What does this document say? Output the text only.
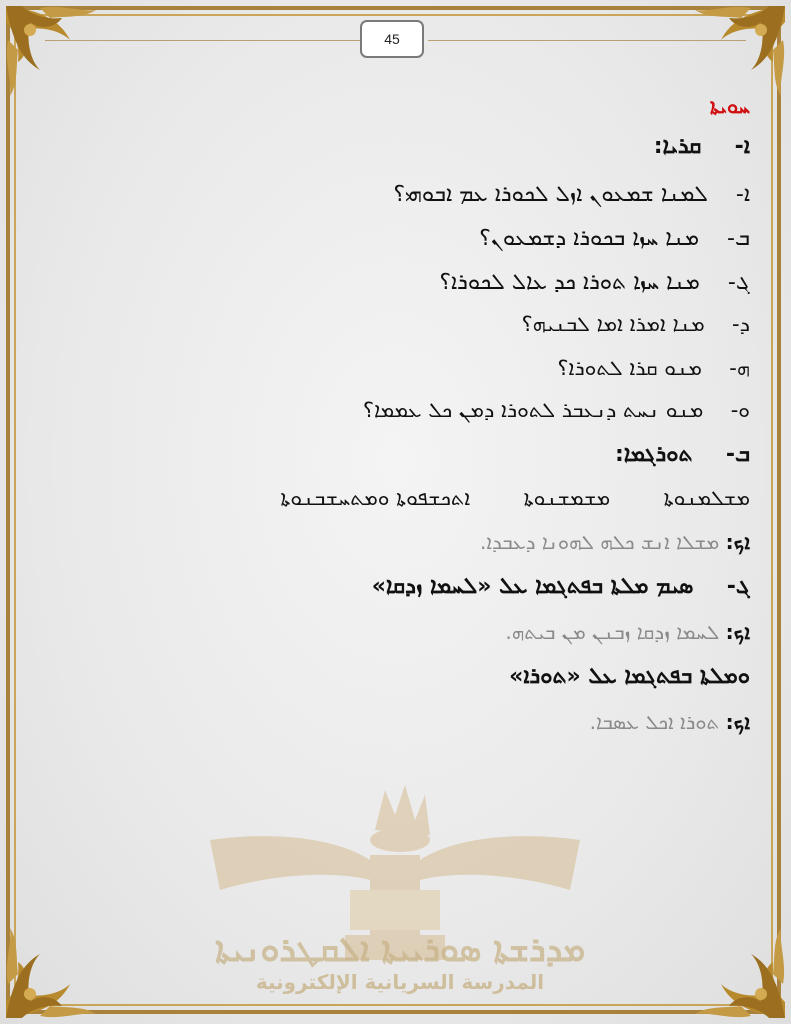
45
ܡܕܪܫܬܐ ܣܘܪܝܝܬܐ ܐܠܩܛܪܘܢܝܬܐ
المدرسة السريانية الإلكترونية
ܚܘܝܬܐ
ܐ-  ܩܪܝܐ:
ܐ-  ܠܡܢܐ ܫܡܥܘܢ ܐܙܠ ܠܟܘܪܐ ܥܡ ܐܒܘܗܝ؟
ܒ-  ܡܢܐ ܚܙܐ ܒܟܘܪܐ ܕܫܡܥܘܢ؟
ܓ-  ܡܢܐ ܚܙܐ ܬܘܪܐ ܟܕ ܥܐܠ ܠܟܘܪܐ؟
ܕ-  ܡܢܐ ܐܡܪܐ ܐܡܐ ܠܒܢܝܗ؟
ܗ-  ܡܢܘ ܩܪܐ ܠܬܘܪܐ؟
ܘ-  ܡܢܘ ܢܚܬ ܕܢܥܒܪ ܠܬܘܪܐ ܕܡܢ ܟܠ ܥܡܡܐ؟
ܒ-  ܬܘܪܓܡܐ:
ܡܫܠܡܢܘܬܐ  ܡܫܡܫܢܘܬܐ  ܐܬܟܫܦܘܬܐ ܘܡܬܚܫܒܢܘܬܐ
ܐܟ: ܡܫܠܐ ܐܢܫ ܟܠܗ ܠܗܘܢܐ ܕܥܒܕܐ.
ܓ-  ܣܝܡ ܡܠܬܐ ܒܦܬܓܡܐ ܥܠ «ܠܚܡܐ ܙܕܩܐ»
ܐܟ: ܠܚܡܐ ܙܕܩܐ ܙܒܢܢ ܡܢ ܒܝܬܗ.
ܘܡܠܬܐ ܒܦܬܓܡܐ ܥܠ «ܬܘܪܐ»
ܐܟ: ܬܘܪܐ ܐܟܠ ܥܣܒܐ.
